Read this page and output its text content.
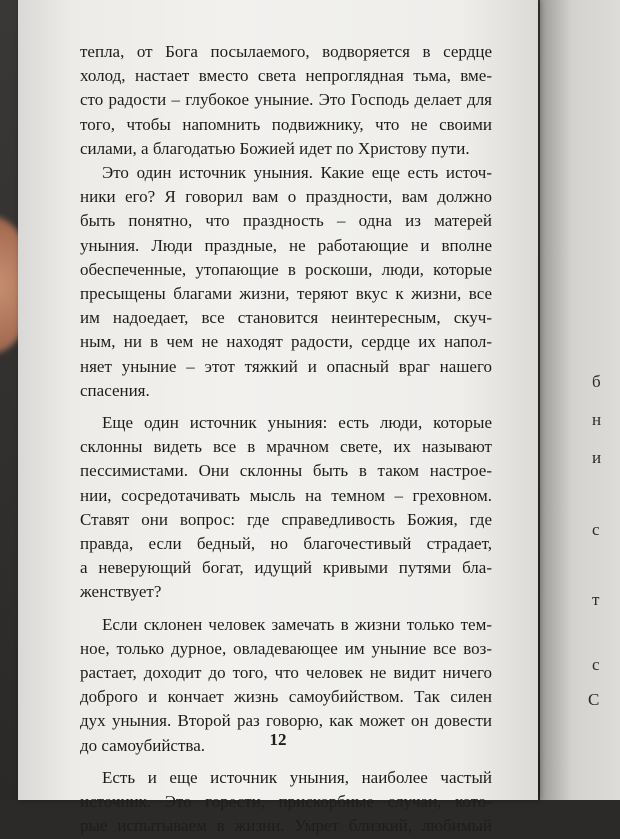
б
н
и
с
т
с
С
тепла, от Бога посылаемого, водворяется в сердце
холод, настает вместо света непроглядная тьма, вме-
сто радости – глубокое уныние. Это Господь делает для
того, чтобы напомнить подвижнику, что не своими
силами, а благодатью Божией идет по Христову пути.
Это один источник уныния. Какие еще есть источ-
ники его? Я говорил вам о праздности, вам должно
быть понятно, что праздность – одна из матерей
уныния. Люди праздные, не работающие и вполне
обеспеченные, утопающие в роскоши, люди, которые
пресыщены благами жизни, теряют вкус к жизни, все
им надоедает, все становится неинтересным, скуч-
ным, ни в чем не находят радости, сердце их напол-
няет уныние – этот тяжкий и опасный враг нашего
спасения.
Еще один источник уныния: есть люди, которые
склонны видеть все в мрачном свете, их называют
пессимистами. Они склонны быть в таком настрое-
нии, сосредотачивать мысль на темном – греховном.
Ставят они вопрос: где справедливость Божия, где
правда, если бедный, но благочестивый страдает,
а неверующий богат, идущий кривыми путями бла-
женствует?
Если склонен человек замечать в жизни только тем-
ное, только дурное, овладевающее им уныние все воз-
растает, доходит до того, что человек не видит ничего
доброго и кончает жизнь самоубийством. Так силен
дух уныния. Второй раз говорю, как может он довести
до самоубийства.
Есть и еще источник уныния, наиболее частый
источник. Это горести, прискорбные случаи, кото-
рые испытываем в жизни. Умрет близкий, любимый
12
